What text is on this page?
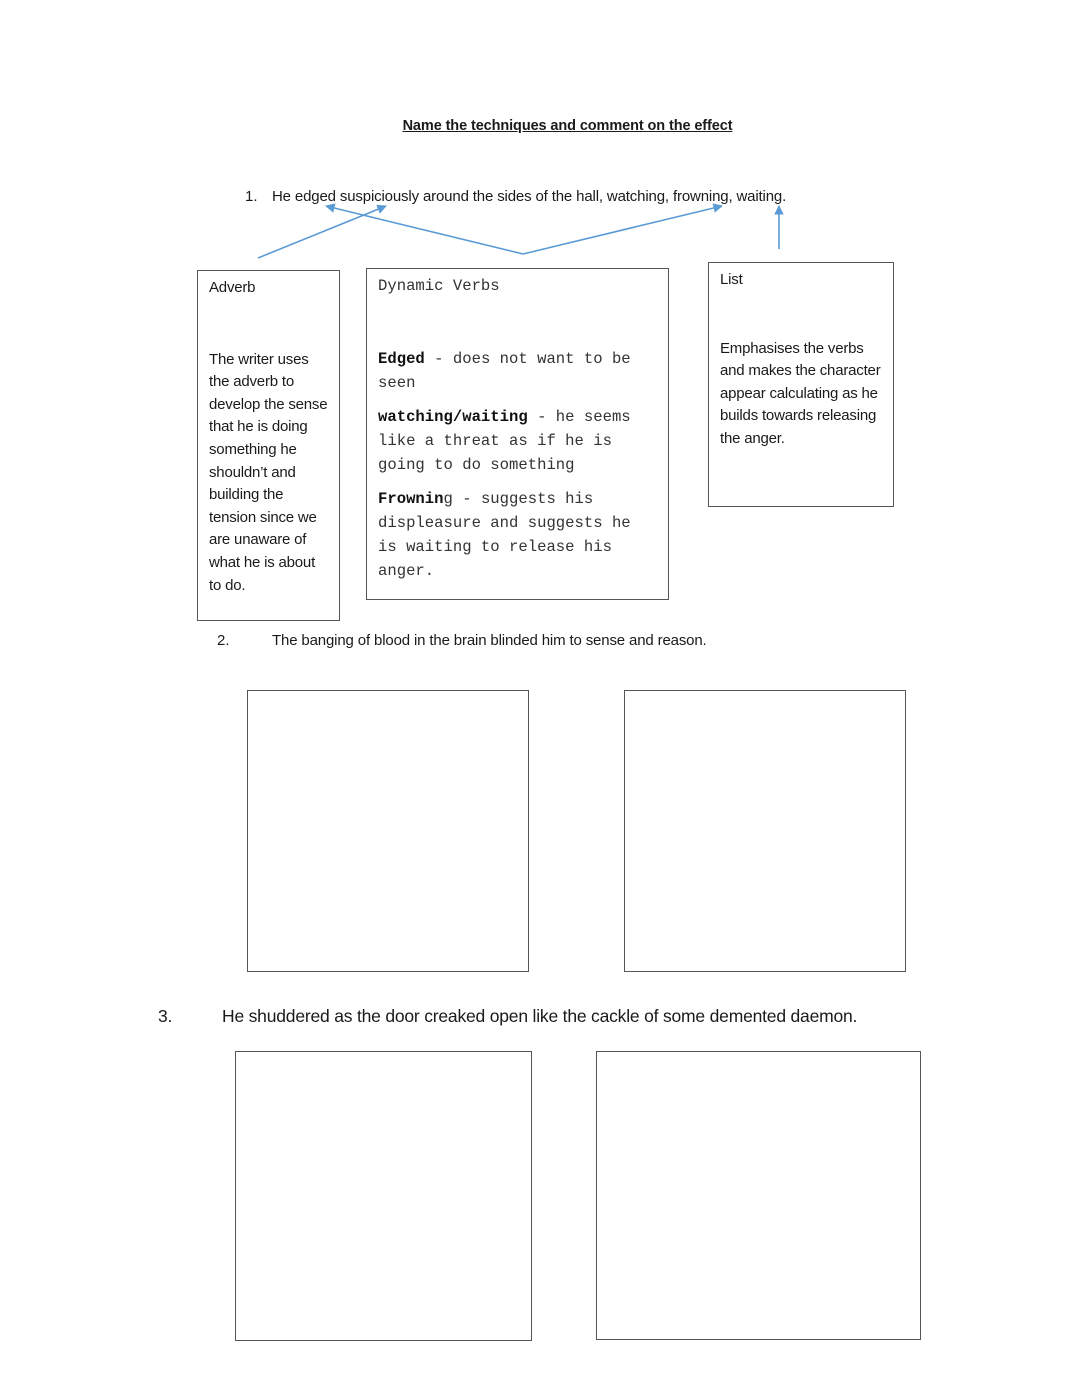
Name the techniques and comment on the effect
1. He edged suspiciously around the sides of the hall, watching, frowning, waiting.
Adverb
The writer uses the adverb to develop the sense that he is doing something he shouldn’t and building the tension since we are unaware of what he is about to do.
Dynamic Verbs

Edged - does not want to be seen

watching/waiting - he seems like a threat as if he is going to do something

Frowning - suggests his displeasure and suggests he is waiting to release his anger.

List
Emphasises the verbs and makes the character appear calculating as he builds towards releasing the anger.
2.	The banging of blood in the brain blinded him to sense and reason.
3.	He shuddered as the door creaked open like the cackle of some demented daemon.
